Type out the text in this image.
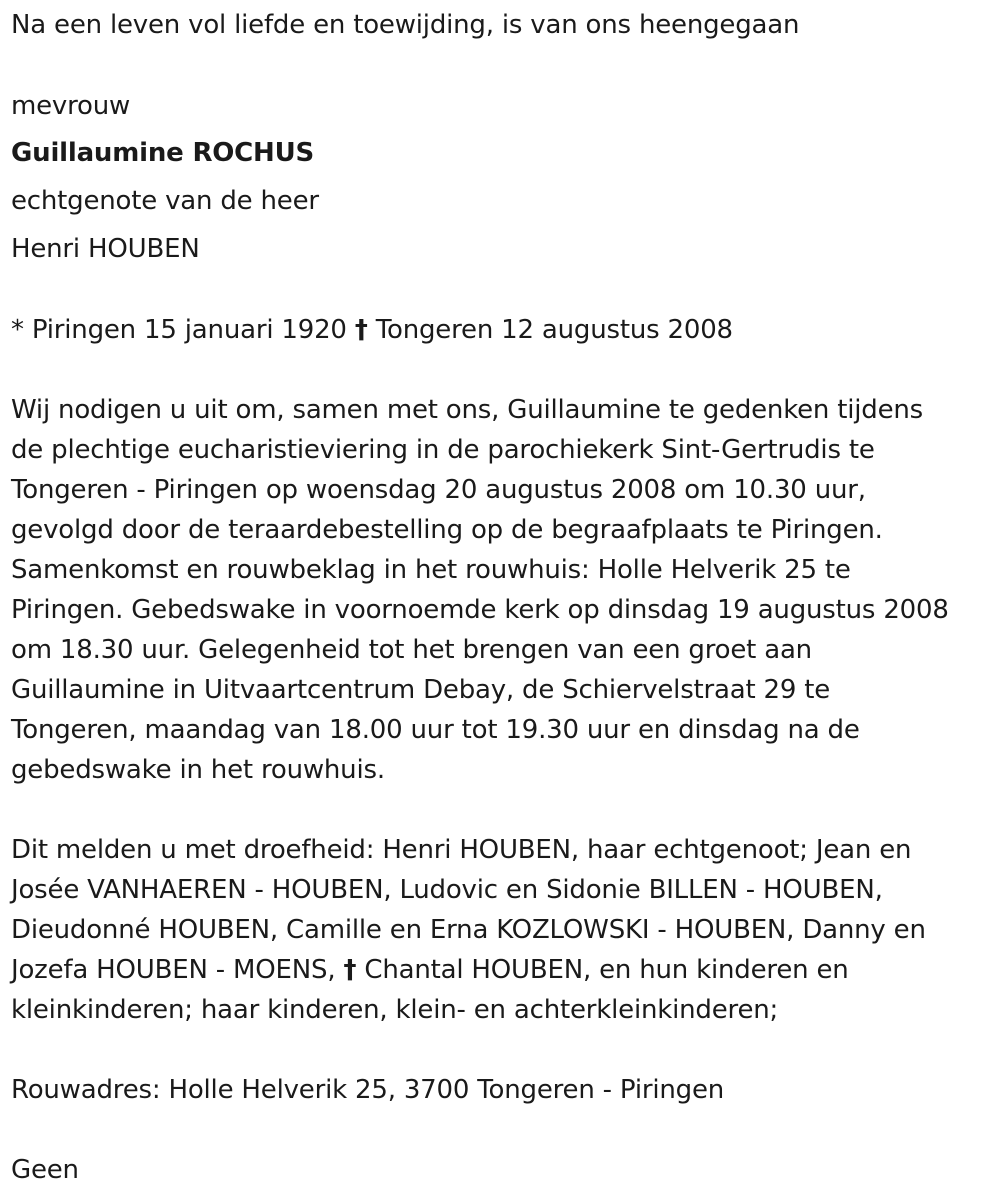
Na een leven vol liefde en toewijding, is van ons heengegaan
mevrouw
Guillaumine ROCHUS
echtgenote van de heer
Henri HOUBEN
* Piringen 15 januari 1920 † Tongeren 12 augustus 2008
Wij nodigen u uit om, samen met ons, Guillaumine te gedenken tijdens
de plechtige eucharistieviering in de parochiekerk Sint-Gertrudis te
Tongeren - Piringen op woensdag 20 augustus 2008 om 10.30 uur,
gevolgd door de teraardebestelling op de begraafplaats te Piringen.
Samenkomst en rouwbeklag in het rouwhuis: Holle Helverik 25 te
Piringen. Gebedswake in voornoemde kerk op dinsdag 19 augustus 2008
om 18.30 uur. Gelegenheid tot het brengen van een groet aan
Guillaumine in Uitvaartcentrum Debay, de Schiervelstraat 29 te
Tongeren, maandag van 18.00 uur tot 19.30 uur en dinsdag na de
gebedswake in het rouwhuis.
Dit melden u met droefheid: Henri HOUBEN, haar echtgenoot; Jean en
Josée VANHAEREN - HOUBEN, Ludovic en Sidonie BILLEN - HOUBEN,
Dieudonné HOUBEN, Camille en Erna KOZLOWSKI - HOUBEN, Danny en
Jozefa HOUBEN - MOENS, † Chantal HOUBEN, en hun kinderen en
kleinkinderen; haar kinderen, klein- en achterkleinkinderen;
Rouwadres: Holle Helverik 25, 3700 Tongeren - Piringen
Geen
